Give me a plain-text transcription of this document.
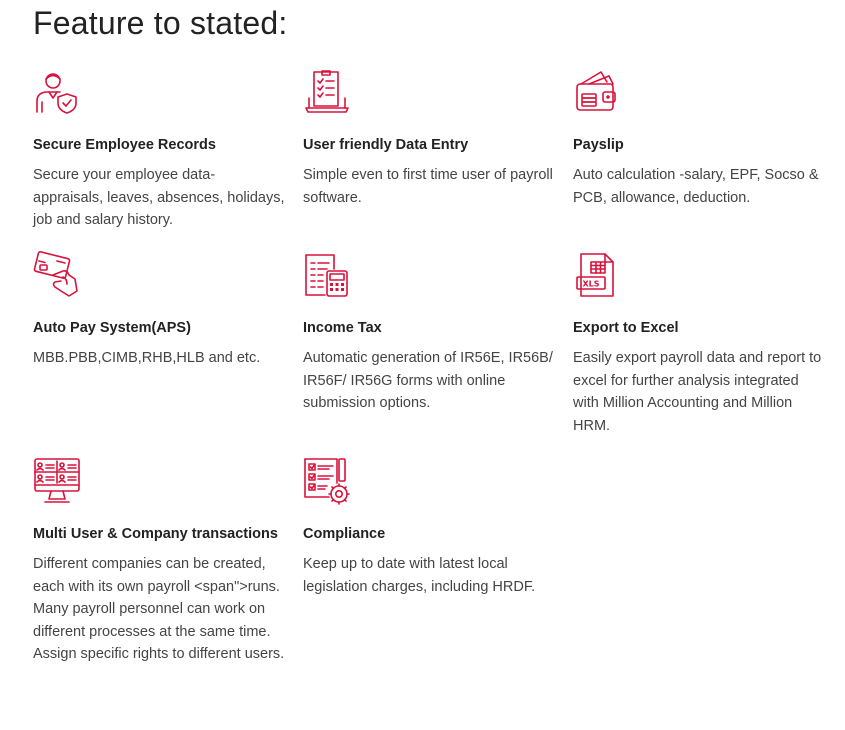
Feature to stated:
Secure Employee Records
Secure your employee data- appraisals, leaves, absences, holidays, job and salary history.
User friendly Data Entry
Simple even to first time user of payroll software.
Payslip
Auto calculation -salary, EPF, Socso & PCB, allowance, deduction.
Auto Pay System(APS)
MBB.PBB,CIMB,RHB,HLB and etc.
Income Tax
Automatic generation of IR56E, IR56B/ IR56F/ IR56G forms with online submission options.
XLS
Export to Excel
Easily export payroll data and report to excel for further analysis integrated with Million Accounting and Million HRM.
Multi User & Company transactions
Different companies can be created, each with its own payroll <span">runs. Many payroll personnel can work on different processes at the same time. Assign specific rights to different users.
Compliance
Keep up to date with latest local legislation charges, including HRDF.
